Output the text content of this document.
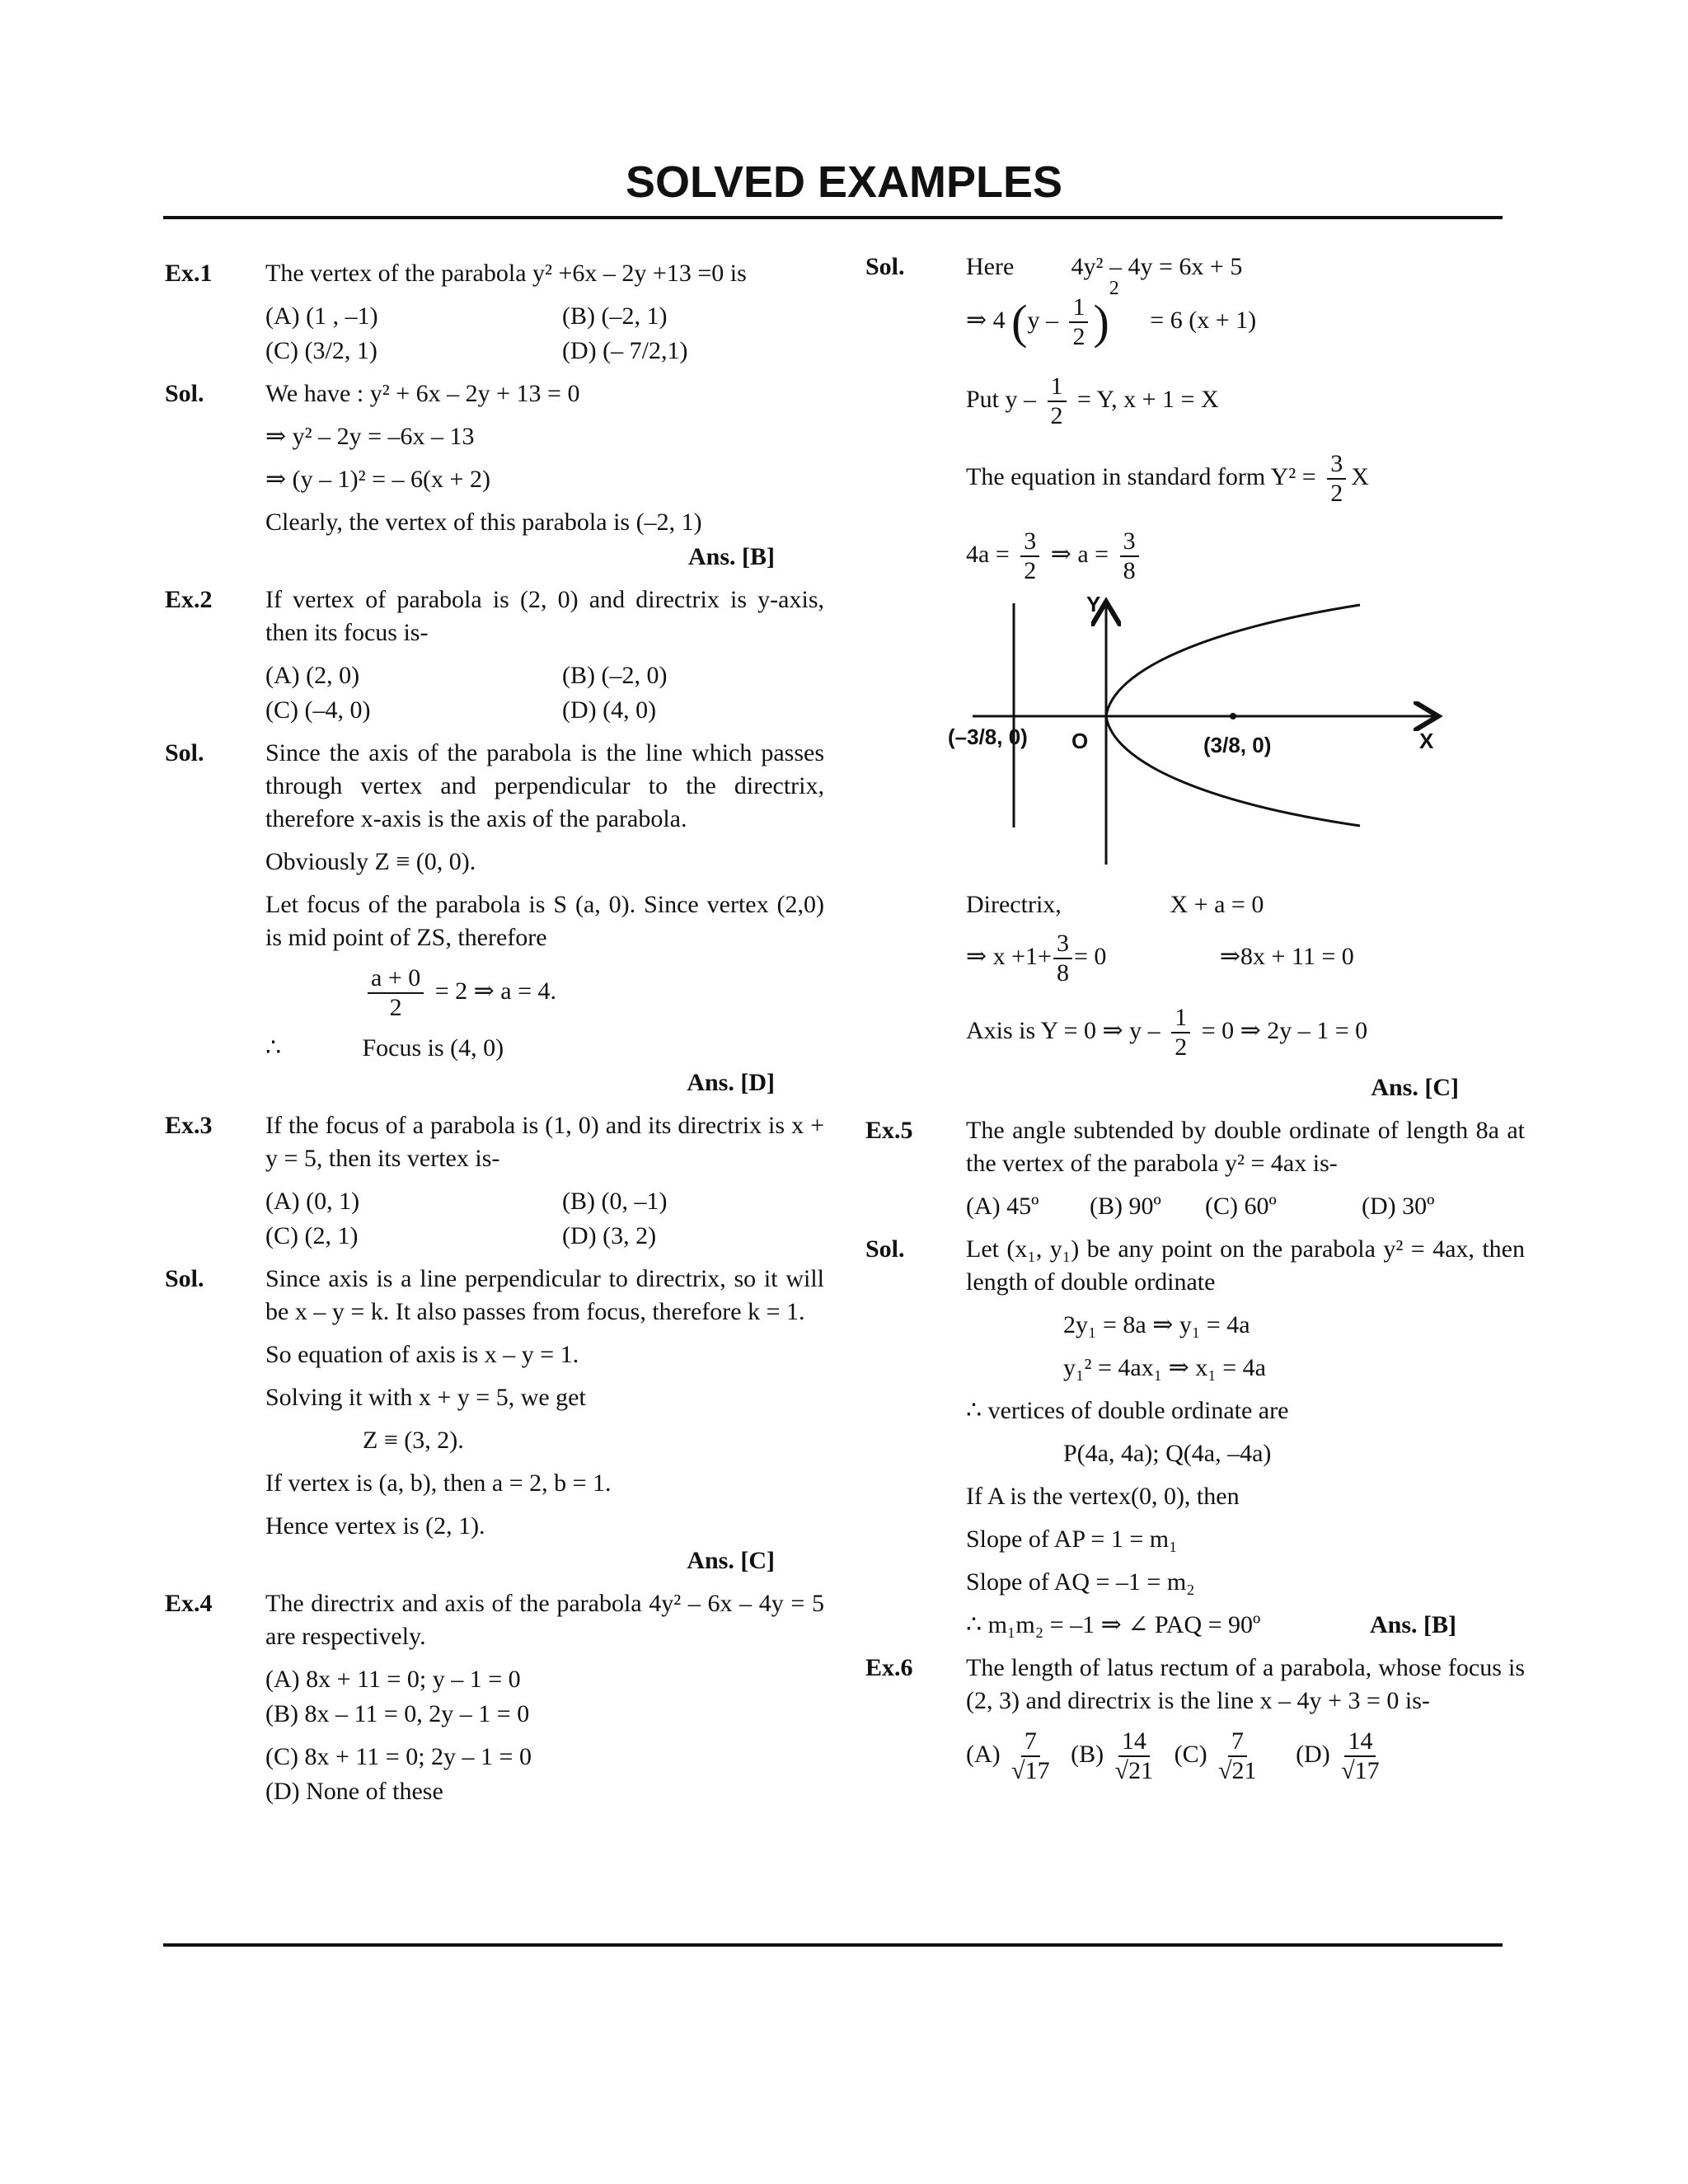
SOLVED EXAMPLES
Ex.1 The vertex of the parabola y² +6x – 2y +13 =0 is
(A) (1 , –1)	(B) (–2, 1)
(C) (3/2, 1)	(D) (– 7/2,1)
Sol. We have : y² + 6x – 2y + 13 = 0
⇒ y² – 2y = –6x – 13
⇒ (y – 1)² = – 6(x + 2)
Clearly, the vertex of this parabola is (–2, 1)
Ans. [B]
Ex.2 If vertex of parabola is (2, 0) and directrix is y-axis, then its focus is-
(A) (2, 0)	(B) (–2, 0)
(C) (–4, 0)	(D) (4, 0)
Sol. Since the axis of the parabola is the line which passes through vertex and perpendicular to the directrix, therefore x-axis is the axis of the parabola.
Obviously Z ≡ (0, 0).
Let focus of the parabola is S (a, 0). Since vertex (2,0) is mid point of ZS, therefore
$\frac{a + 0}{2} = 2$ ⇒ a = 4.
∴	Focus is (4, 0)
Ans. [D]
Ex.3 If the focus of a parabola is (1, 0) and its directrix is x + y = 5, then its vertex is-
(A) (0, 1)	(B) (0, –1)
(C) (2, 1)	(D) (3, 2)
Sol. Since axis is a line perpendicular to directrix, so it will be x – y = k. It also passes from focus, therefore k = 1.
So equation of axis is x – y = 1.
Solving it with x + y = 5, we get
Z ≡ (3, 2).
If vertex is (a, b), then a = 2, b = 1.
Hence vertex is (2, 1).
Ans. [C]
Ex.4 The directrix and axis of the parabola 4y² – 6x – 4y = 5 are respectively.
(A) 8x + 11 = 0; y – 1 = 0
(B) 8x – 11 = 0, 2y – 1 = 0
(C) 8x + 11 = 0; 2y – 1 = 0
(D) None of these
Sol. Here 4y² – 4y = 6x + 5
⇒ 4 $(y - \frac{1}{2} )^2 = 6$ (x + 1)
Put $y - \frac{1}{2} = Y$, x + 1 = X
The equation in standard form $Y^2 = \frac{3}{2}$ X
$4a = \frac{3}{2}$ ⇒ $a = \frac{3}{8}$
Y
X
O
(–3/8, 0)	(3/8, 0)
Directrix,	X + a = 0
⇒ $x +1+ \frac{3}{8} = 0$	⇒8x + 11 = 0
Axis is Y = 0 ⇒ $y - \frac{1}{2} = 0$ ⇒ 2y – 1 = 0
Ans. [C]
Ex.5 The angle subtended by double ordinate of length 8a at the vertex of the parabola y² = 4ax is-
(A) 45º (B) 90º (C) 60º	(D) 30º
Sol. Let (x₁, y₁) be any point on the parabola y² = 4ax, then length of double ordinate
2y₁ = 8a ⇒ y₁ = 4a
y₁² = 4ax₁ ⇒ x₁ = 4a
∴ vertices of double ordinate are
P(4a, 4a); Q(4a, –4a)
If A is the vertex(0, 0), then
Slope of AP = 1 = m₁
Slope of AQ = –1 = m₂
∴ m₁m₂ = –1 ⇒ ∠ PAQ = 90º	Ans. [B]
Ex.6 The length of latus rectum of a parabola, whose focus is (2, 3) and directrix is the line x – 4y + 3 = 0 is-
$(A) \frac{7}{√17} (B) \frac{14}{√21} (C) \frac{7}{√21} (D) \frac{14}{√17}$
